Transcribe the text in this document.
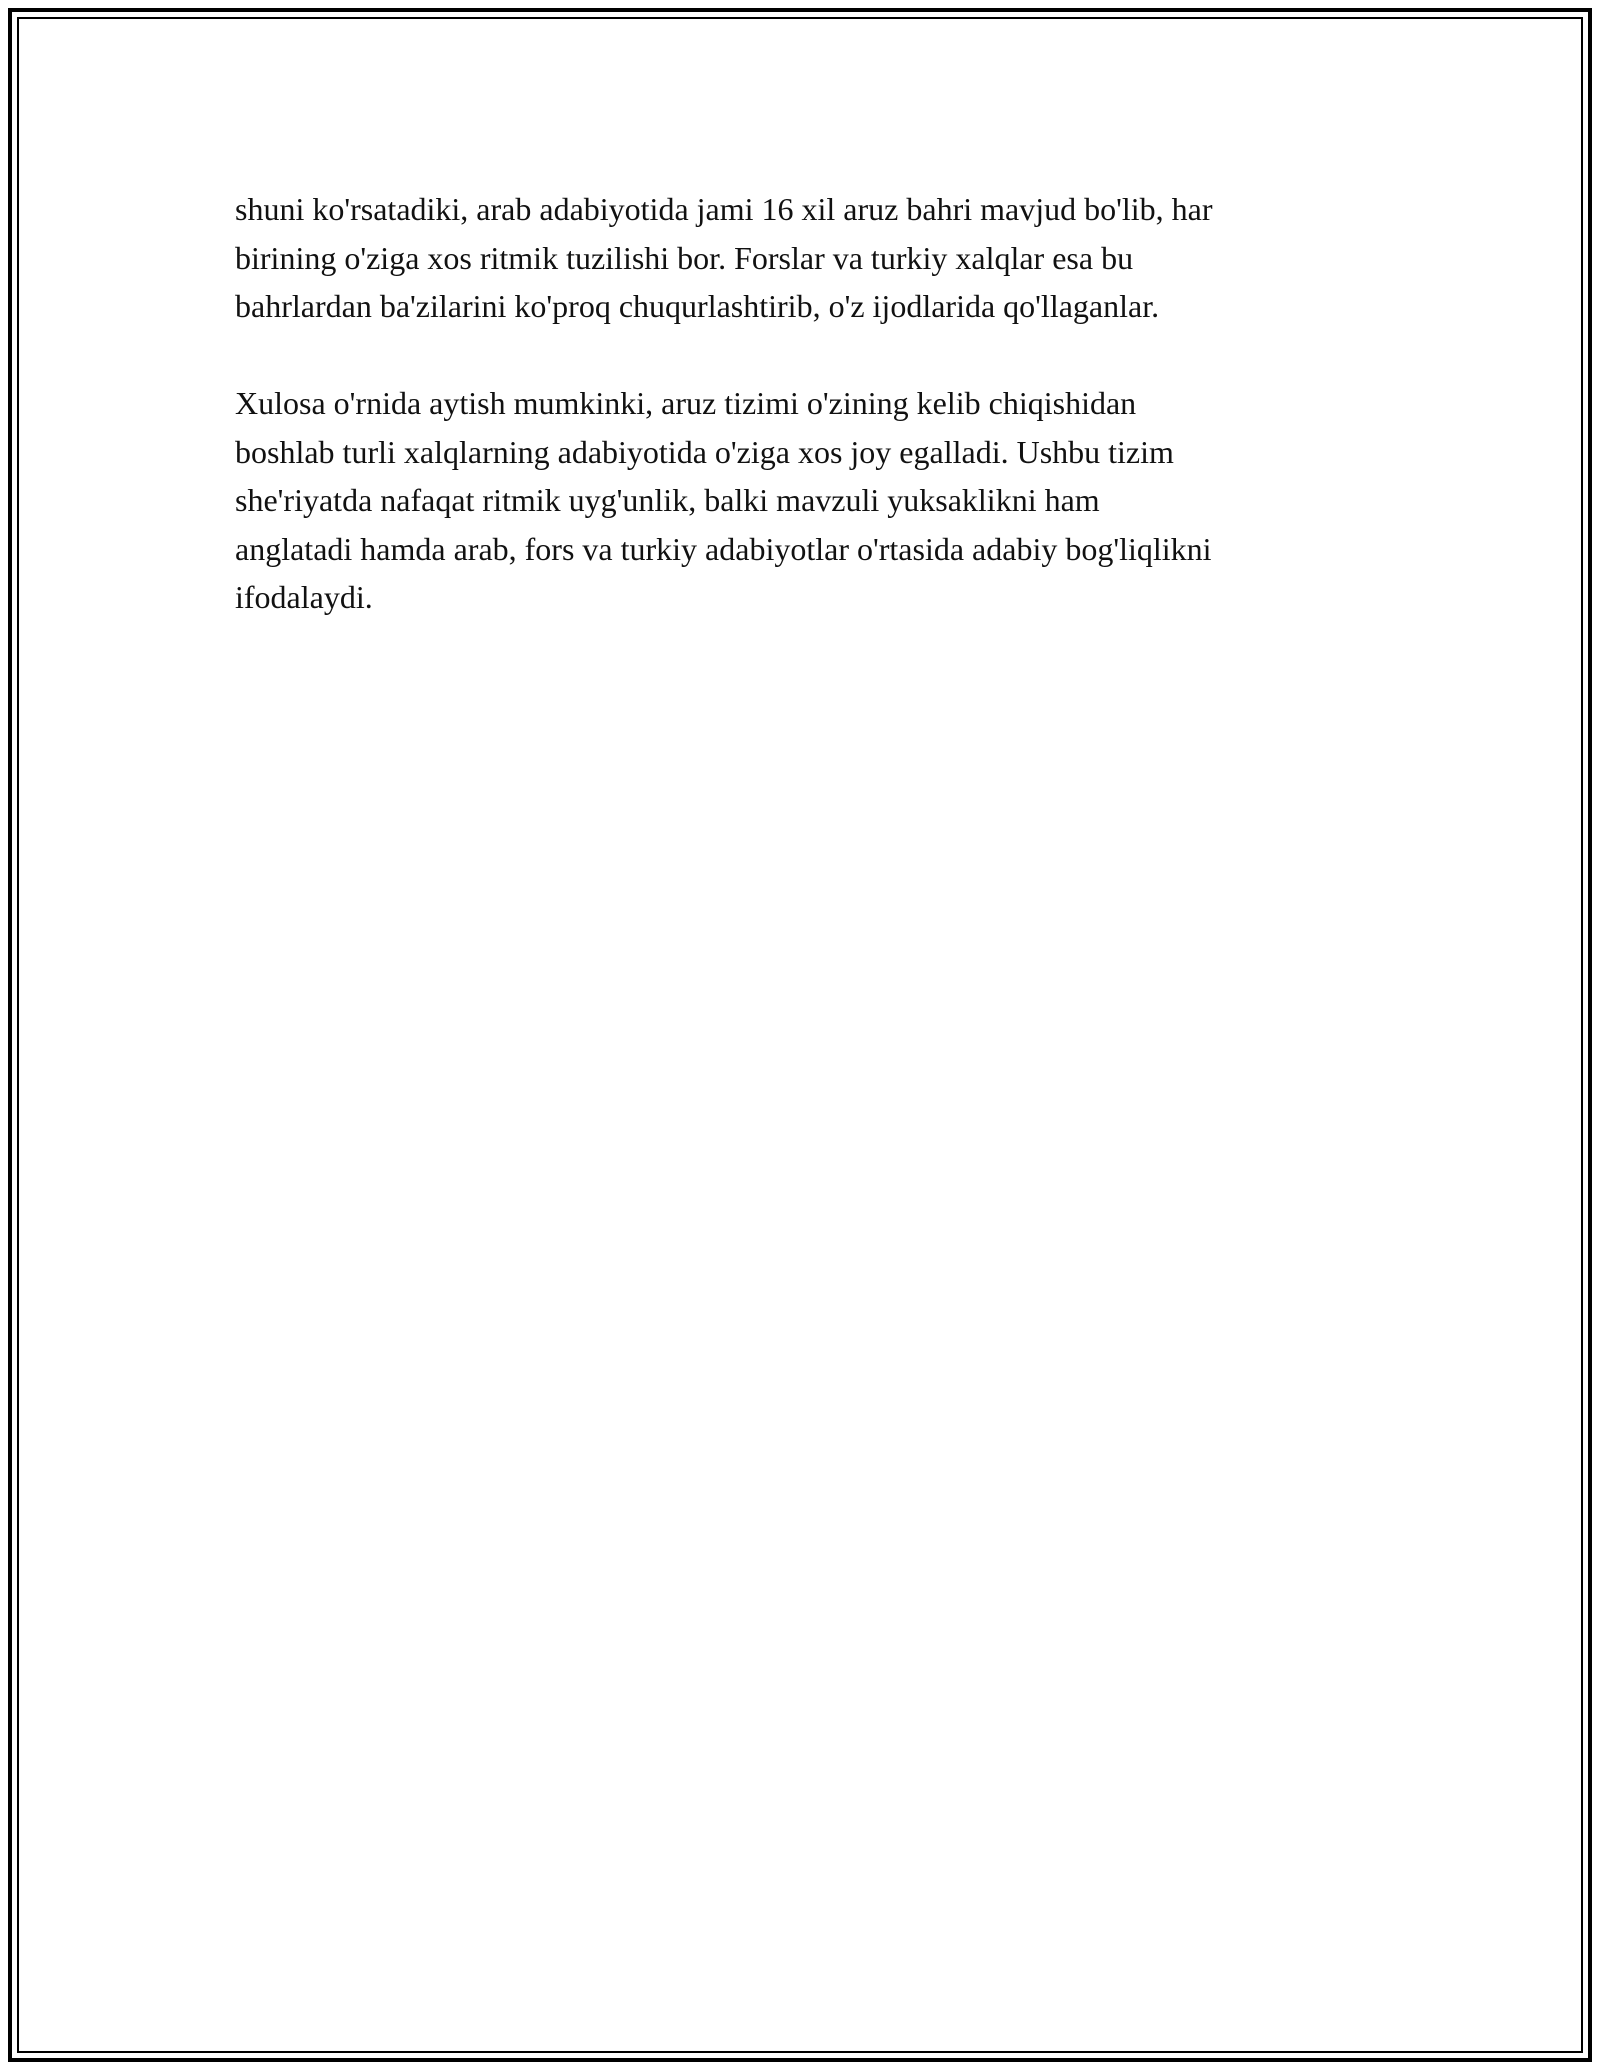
shuni ko'rsatadiki, arab adabiyotida jami 16 xil aruz bahri mavjud bo'lib, har
birining o'ziga xos ritmik tuzilishi bor. Forslar va turkiy xalqlar esa bu
bahrlardan ba'zilarini ko'proq chuqurlashtirib, o'z ijodlarida qo'llaganlar.

Xulosa o'rnida aytish mumkinki, aruz tizimi o'zining kelib chiqishidan
boshlab turli xalqlarning adabiyotida o'ziga xos joy egalladi. Ushbu tizim
she'riyatda nafaqat ritmik uyg'unlik, balki mavzuli yuksaklikni ham
anglatadi hamda arab, fors va turkiy adabiyotlar o'rtasida adabiy bog'liqlikni
ifodalaydi.
